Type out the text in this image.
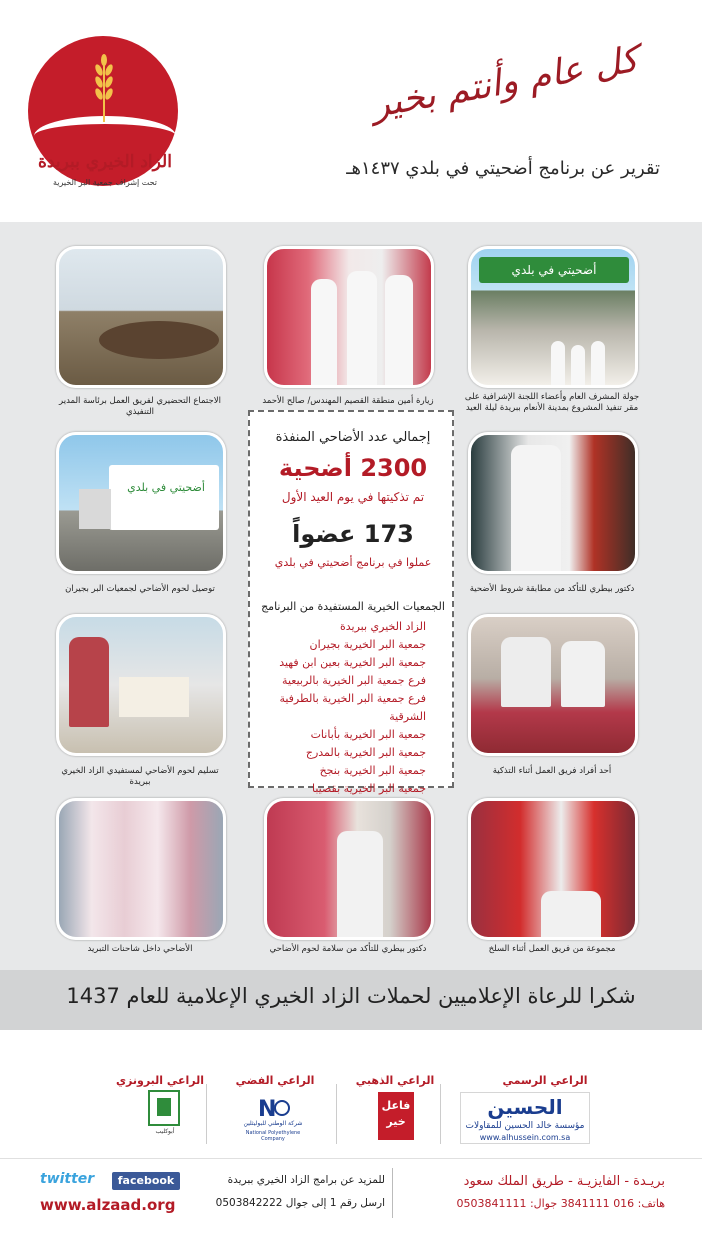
الزاد الخيري ببريدة
تحت إشراف جمعية البر الخيرية
كل عام وأنتم بخير
تقرير عن برنامج أضحيتي في بلدي ١٤٣٧هـ
أضحيتي في بلدي
جولة المشرف العام وأعضاء اللجنة الإشرافية على مقر تنفيذ المشروع بمدينة الأنعام ببريدة ليلة العيد
زيارة أمين منطقة القصيم المهندس/ صالح الأحمد
الاجتماع التحضيري لفريق العمل برئاسة المدير التنفيذي
دكتور بيطري للتأكد من مطابقة شروط الأضحية
أضحيتي في بلدي
توصيل لحوم الأضاحي لجمعيات البر بجيران
أحد أفراد فريق العمل أثناء التذكية
تسليم لحوم الأضاحي لمستفيدي الزاد الخيري ببريدة
مجموعة من فريق العمل أثناء السلخ
دكتور بيطري للتأكد من سلامة لحوم الأضاحي
الأضاحي داخل شاحنات التبريد
إجمالي عدد الأضاحي المنفذة
2300 أضحية
تم تذكيتها في يوم العيد الأول
173 عضواً
عملوا في برنامج أضحيتي في بلدي
الجمعيات الخيرية المستفيدة من البرنامج
الزاد الخيري ببريدة
جمعية البر الخيرية بجيران
جمعية البر الخيرية بعين ابن فهيد
فرع جمعية البر الخيرية بالربيعية
فرع جمعية البر الخيرية بالطرفية الشرقية
جمعية البر الخيرية بأبانات
جمعية البر الخيرية بالمدرج
جمعية البر الخيرية بنجخ
جمعية البر الخيرية بقصيبا
شكرا للرعاة الإعلاميين لحملات الزاد الخيري الإعلامية للعام 1437
الراعي الرسمي
الحسين
مؤسسة خالد الحسين للمقاولات
www.alhussein.com.sa
الراعي الذهبي
فاعل خير
الراعي الفضي
N
شركة الوطني للبوليثلين
National Polyethylene Company
الراعي البرونزي
أبوكليب
twitter	facebook
www.alzaad.org
للمزيد عن برامج الزاد الخيري ببريدة
ارسل رقم 1 إلى جوال 0503842222
بريـدة - الفايزيـة - طريق الملك سعود
هاتف: 016 3841111 جوال: 0503841111
